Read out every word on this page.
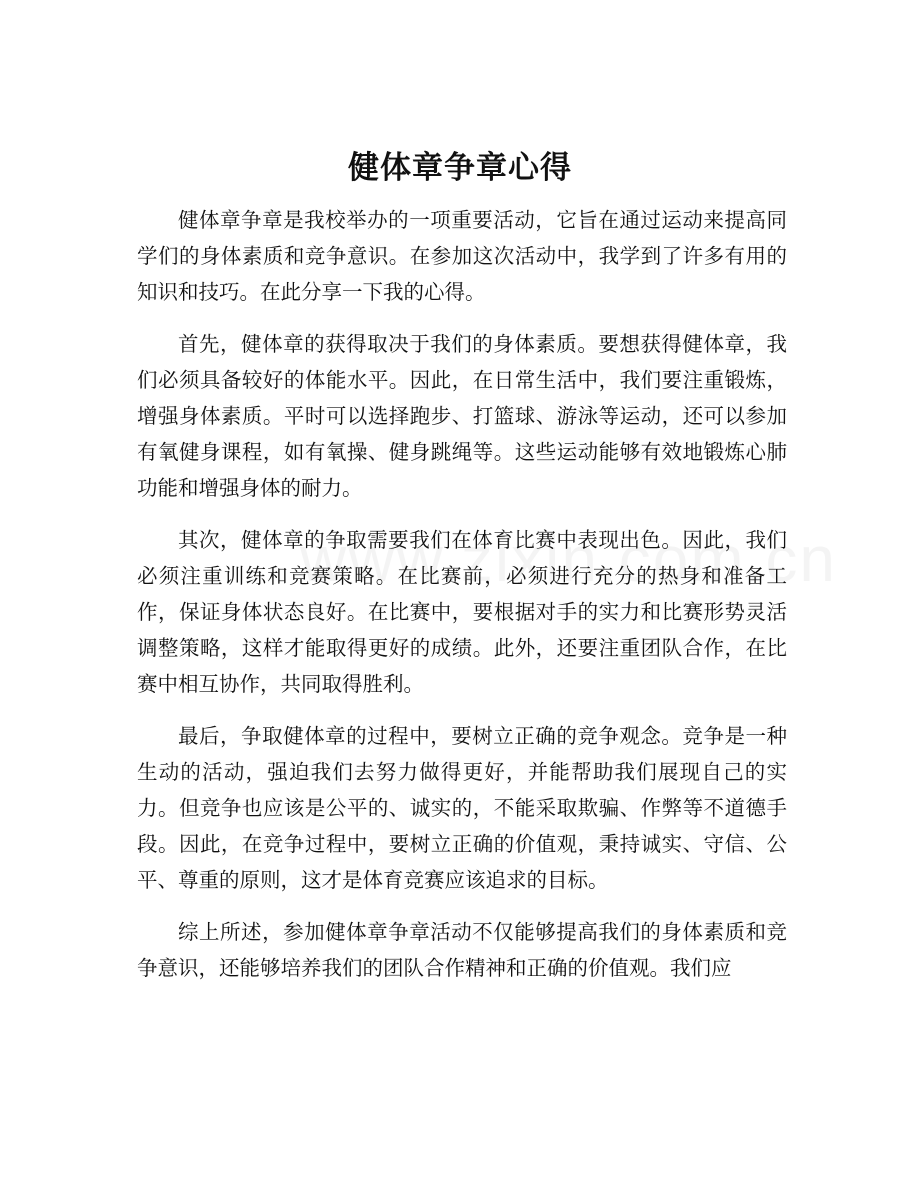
健体章争章心得

健体章争章是我校举办的一项重要活动，它旨在通过运动来提高同学们的身体素质和竞争意识。在参加这次活动中，我学到了许多有用的知识和技巧。在此分享一下我的心得。

首先，健体章的获得取决于我们的身体素质。要想获得健体章，我们必须具备较好的体能水平。因此，在日常生活中，我们要注重锻炼，增强身体素质。平时可以选择跑步、打篮球、游泳等运动，还可以参加有氧健身课程，如有氧操、健身跳绳等。这些运动能够有效地锻炼心肺功能和增强身体的耐力。

其次，健体章的争取需要我们在体育比赛中表现出色。因此，我们必须注重训练和竞赛策略。在比赛前，必须进行充分的热身和准备工作，保证身体状态良好。在比赛中，要根据对手的实力和比赛形势灵活调整策略，这样才能取得更好的成绩。此外，还要注重团队合作，在比赛中相互协作，共同取得胜利。

最后，争取健体章的过程中，要树立正确的竞争观念。竞争是一种生动的活动，强迫我们去努力做得更好，并能帮助我们展现自己的实力。但竞争也应该是公平的、诚实的，不能采取欺骗、作弊等不道德手段。因此，在竞争过程中，要树立正确的价值观，秉持诚实、守信、公平、尊重的原则，这才是体育竞赛应该追求的目标。

综上所述，参加健体章争章活动不仅能够提高我们的身体素质和竞争意识，还能够培养我们的团队合作精神和正确的价值观。我们应
